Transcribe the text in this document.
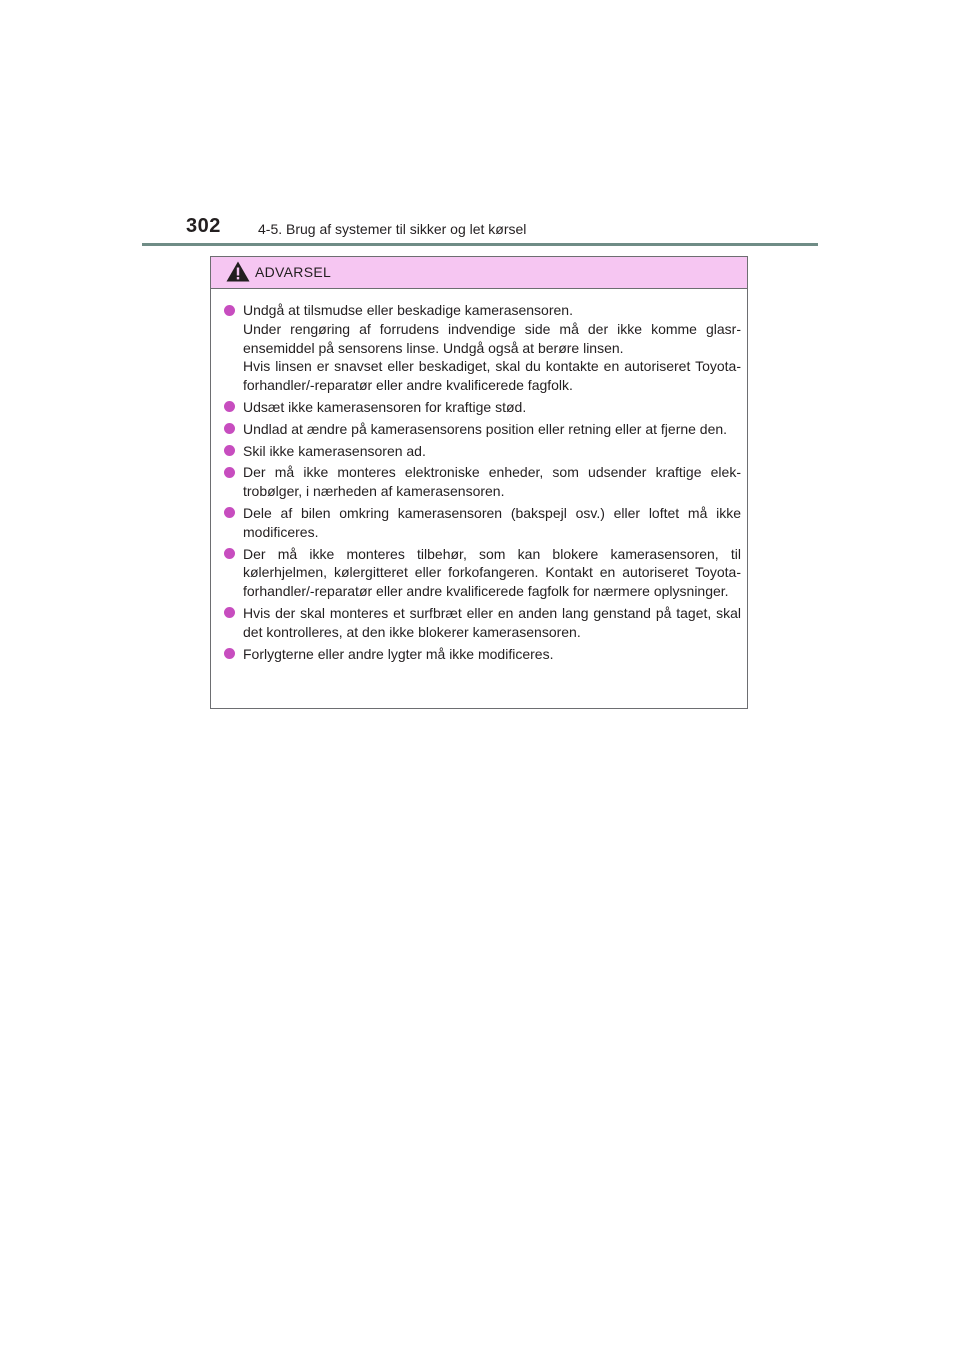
302	4-5. Brug af systemer til sikker og let kørsel
ADVARSEL
Undgå at tilsmudse eller beskadige kamerasensoren.
Under rengøring af forrudens indvendige side må der ikke komme glasr-ensemiddel på sensorens linse. Undgå også at berøre linsen.
Hvis linsen er snavset eller beskadiget, skal du kontakte en autoriseret Toyota-forhandler/-reparatør eller andre kvalificerede fagfolk.
Udsæt ikke kamerasensoren for kraftige stød.
Undlad at ændre på kamerasensorens position eller retning eller at fjerne den.
Skil ikke kamerasensoren ad.
Der må ikke monteres elektroniske enheder, som udsender kraftige elek-trobølger, i nærheden af kamerasensoren.
Dele af bilen omkring kamerasensoren (bakspejl osv.) eller loftet må ikke modificeres.
Der må ikke monteres tilbehør, som kan blokere kamerasensoren, til kølerhjelmen, kølergitteret eller forkofangeren. Kontakt en autoriseret Toyota-forhandler/-reparatør eller andre kvalificerede fagfolk for nærmere oplysninger.
Hvis der skal monteres et surfbræt eller en anden lang genstand på taget, skal det kontrolleres, at den ikke blokerer kamerasensoren.
Forlygterne eller andre lygter må ikke modificeres.
